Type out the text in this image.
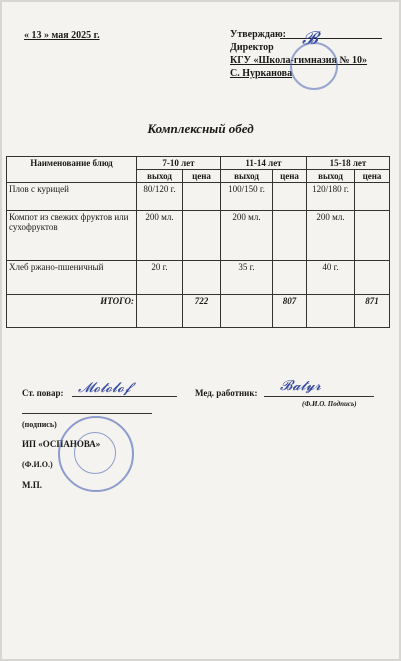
« 13 » мая 2025 г.	Утверждаю:
Директор
КГУ «Школа-гимназия № 10»
С. Нурканова
𝓑
Комплексный обед
Наименование блюд	7-10 лет		11-14 лет		15-18 лет	
	выход	цена	выход	цена	выход	цена
Плов с курицей	80/120 г.		100/150 г.		120/180 г.	
Компот из свежих фруктов или сухофруктов	200 мл.		200 мл.		200 мл.	
Хлеб ржано-пшеничный	20 г.		35 г.		40 г.	
ИТОГО:		722		807		871
Ст. повар: 𝓜𝓸𝓽𝓸𝓵𝓸𝓯	Мед. работник: 𝓑𝓪𝓽𝔂𝓻
(Ф.И.О. Подпись)
(подпись)
ИП «ОСПАНОВА»
(Ф.И.О.)
М.П.
